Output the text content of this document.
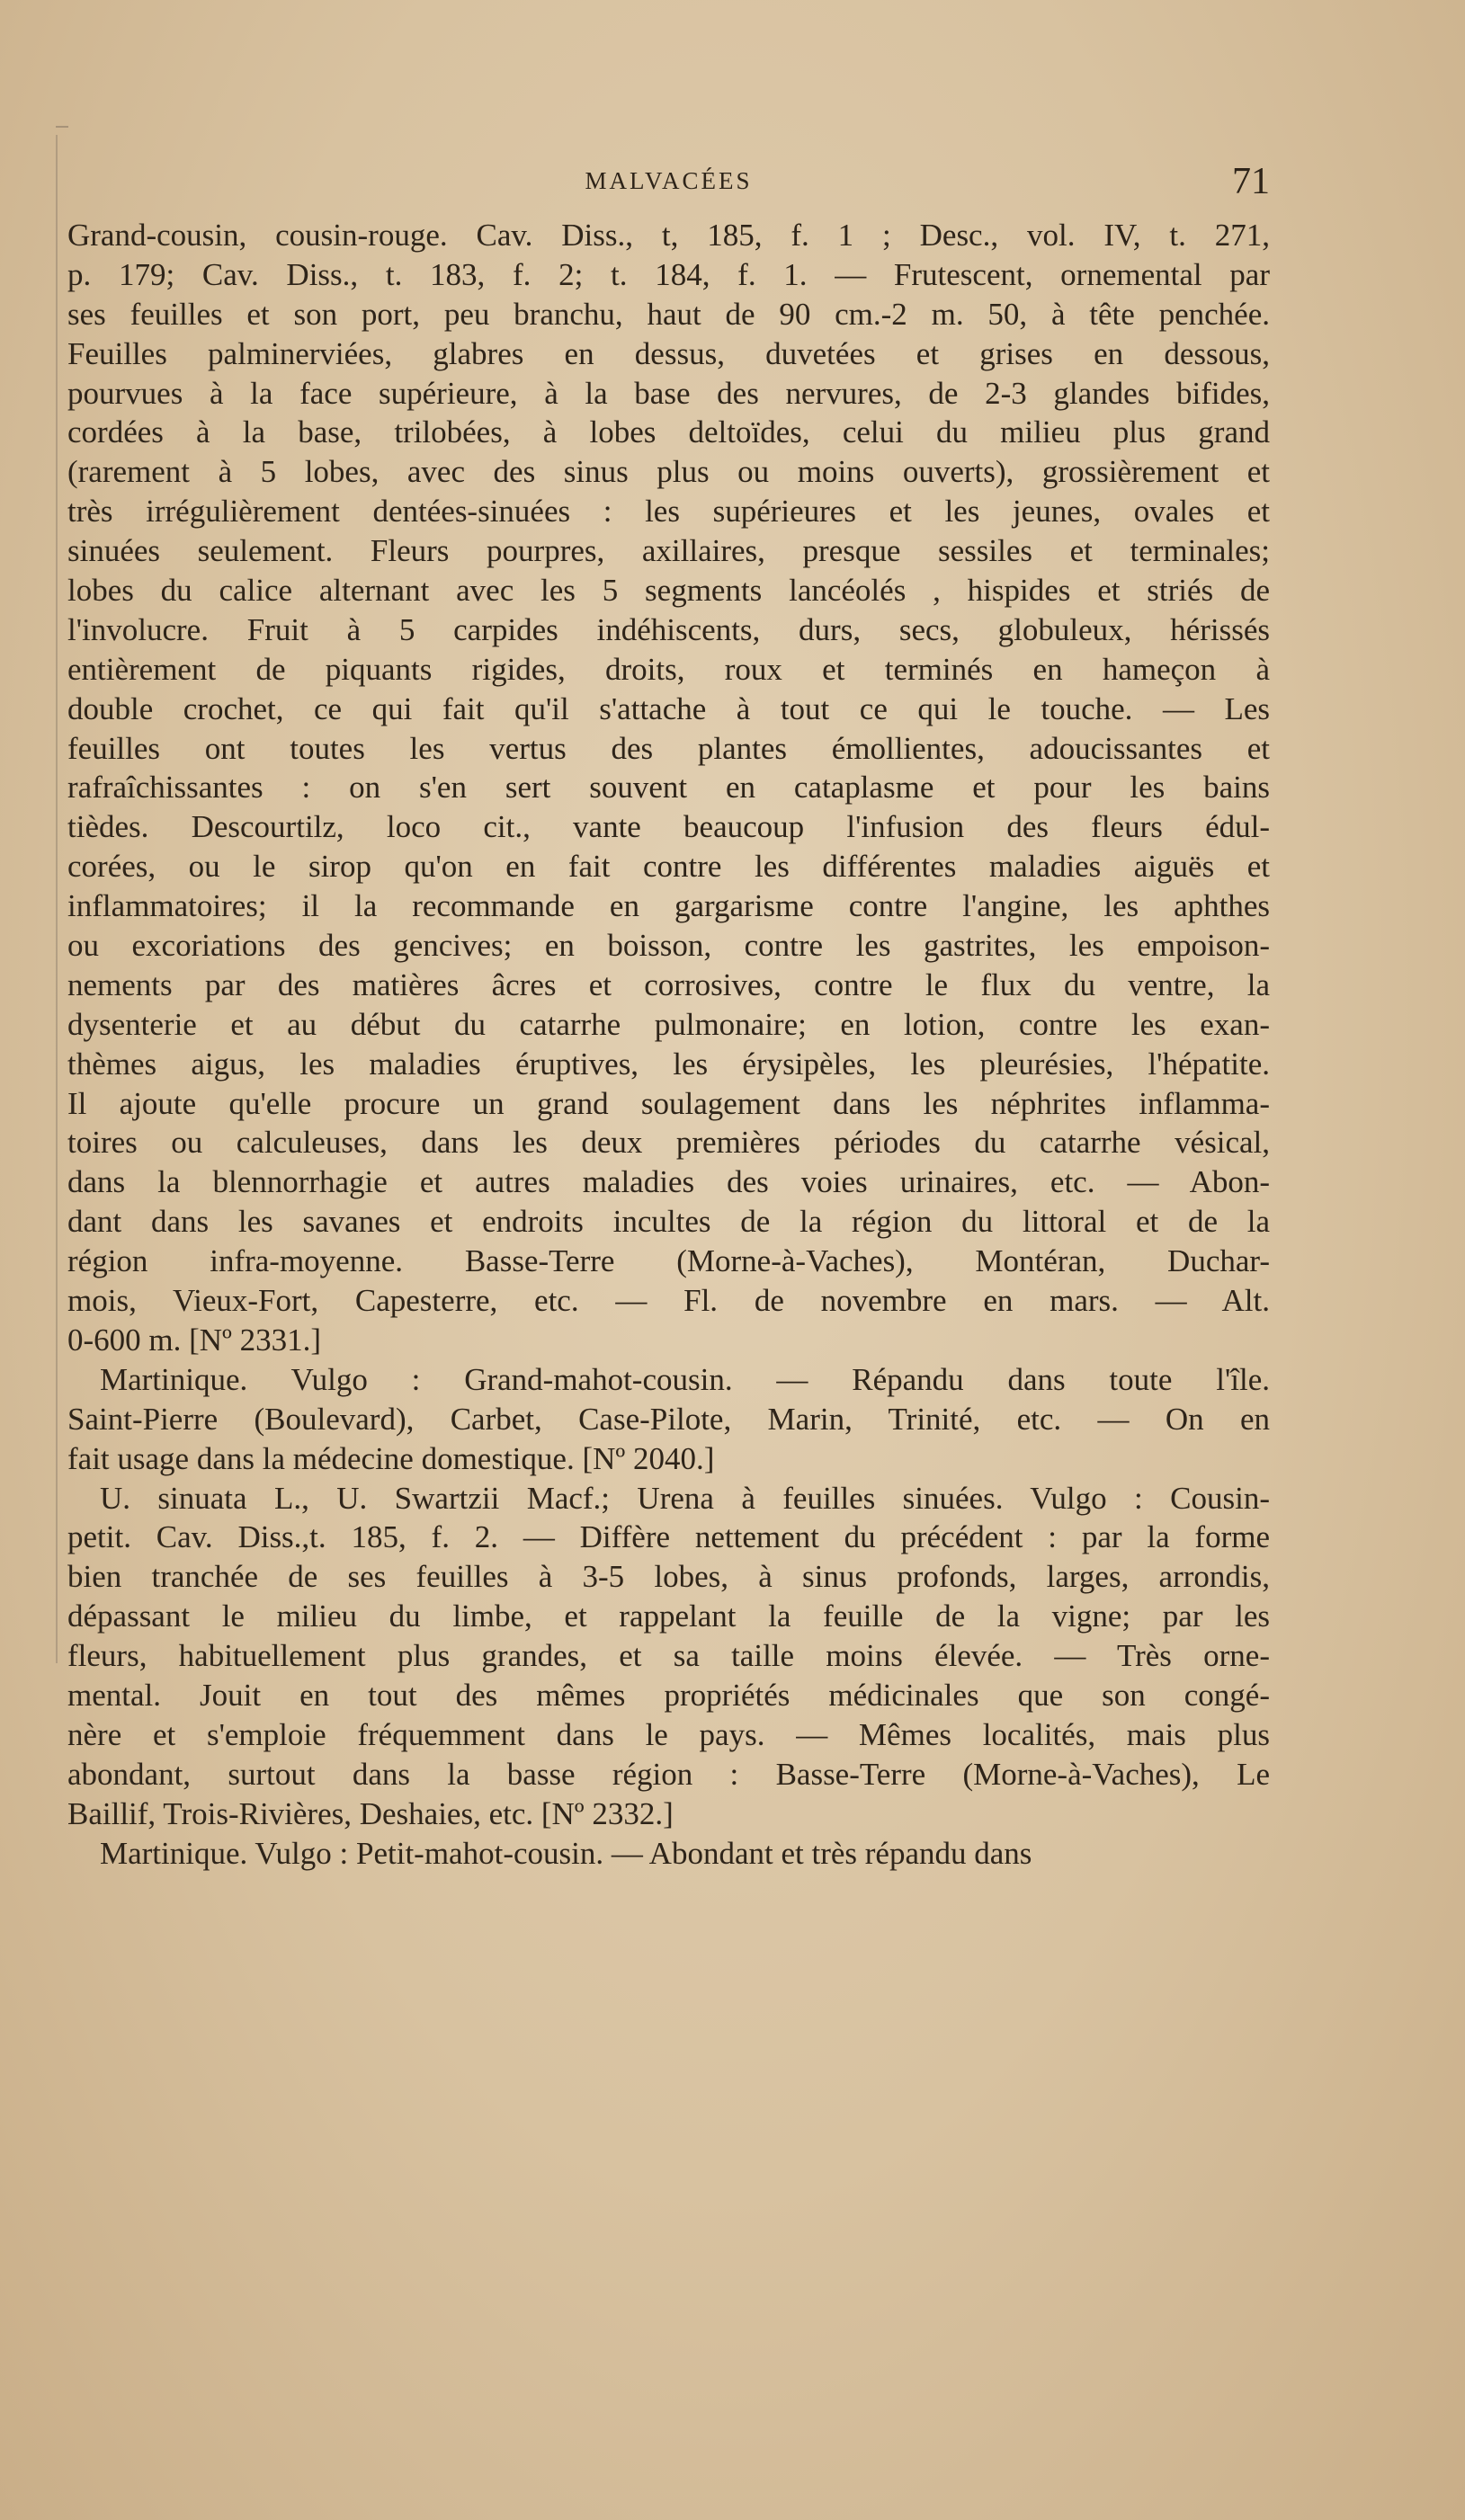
MALVACÉES	71
Grand-cousin, cousin-rouge. Cav. Diss., t, 185, f. 1 ; Desc., vol. IV, t. 271,
p. 179; Cav. Diss., t. 183, f. 2; t. 184, f. 1. — Frutescent, ornemental par
ses feuilles et son port, peu branchu, haut de 90 cm.-2 m. 50, à tête penchée.
Feuilles palminerviées, glabres en dessus, duvetées et grises en dessous,
pourvues à la face supérieure, à la base des nervures, de 2-3 glandes bifides,
cordées à la base, trilobées, à lobes deltoïdes, celui du milieu plus grand
(rarement à 5 lobes, avec des sinus plus ou moins ouverts), grossièrement et
très irrégulièrement dentées-sinuées : les supérieures et les jeunes, ovales et
sinuées seulement. Fleurs pourpres, axillaires, presque sessiles et terminales;
lobes du calice alternant avec les 5 segments lancéolés , hispides et striés de
l'involucre. Fruit à 5 carpides indéhiscents, durs, secs, globuleux, hérissés
entièrement de piquants rigides, droits, roux et terminés en hameçon à
double crochet, ce qui fait qu'il s'attache à tout ce qui le touche. — Les
feuilles ont toutes les vertus des plantes émollientes, adoucissantes et
rafraîchissantes : on s'en sert souvent en cataplasme et pour les bains
tièdes. Descourtilz, loco cit., vante beaucoup l'infusion des fleurs édul-
corées, ou le sirop qu'on en fait contre les différentes maladies aiguës et
inflammatoires; il la recommande en gargarisme contre l'angine, les aphthes
ou excoriations des gencives; en boisson, contre les gastrites, les empoison-
nements par des matières âcres et corrosives, contre le flux du ventre, la
dysenterie et au début du catarrhe pulmonaire; en lotion, contre les exan-
thèmes aigus, les maladies éruptives, les érysipèles, les pleurésies, l'hépatite.
Il ajoute qu'elle procure un grand soulagement dans les néphrites inflamma-
toires ou calculeuses, dans les deux premières périodes du catarrhe vésical,
dans la blennorrhagie et autres maladies des voies urinaires, etc. — Abon-
dant dans les savanes et endroits incultes de la région du littoral et de la
région infra-moyenne. Basse-Terre (Morne-à-Vaches), Montéran, Duchar-
mois, Vieux-Fort, Capesterre, etc. — Fl. de novembre en mars. — Alt.
0-600 m. [Nº 2331.]
Martinique. Vulgo : Grand-mahot-cousin. — Répandu dans toute l'île.
Saint-Pierre (Boulevard), Carbet, Case-Pilote, Marin, Trinité, etc. — On en
fait usage dans la médecine domestique. [Nº 2040.]
U. sinuata L., U. Swartzii Macf.; Urena à feuilles sinuées. Vulgo : Cousin-
petit. Cav. Diss.,t. 185, f. 2. — Diffère nettement du précédent : par la forme
bien tranchée de ses feuilles à 3-5 lobes, à sinus profonds, larges, arrondis,
dépassant le milieu du limbe, et rappelant la feuille de la vigne; par les
fleurs, habituellement plus grandes, et sa taille moins élevée. — Très orne-
mental. Jouit en tout des mêmes propriétés médicinales que son congé-
nère et s'emploie fréquemment dans le pays. — Mêmes localités, mais plus
abondant, surtout dans la basse région : Basse-Terre (Morne-à-Vaches), Le
Baillif, Trois-Rivières, Deshaies, etc. [Nº 2332.]
Martinique. Vulgo : Petit-mahot-cousin. — Abondant et très répandu dans
